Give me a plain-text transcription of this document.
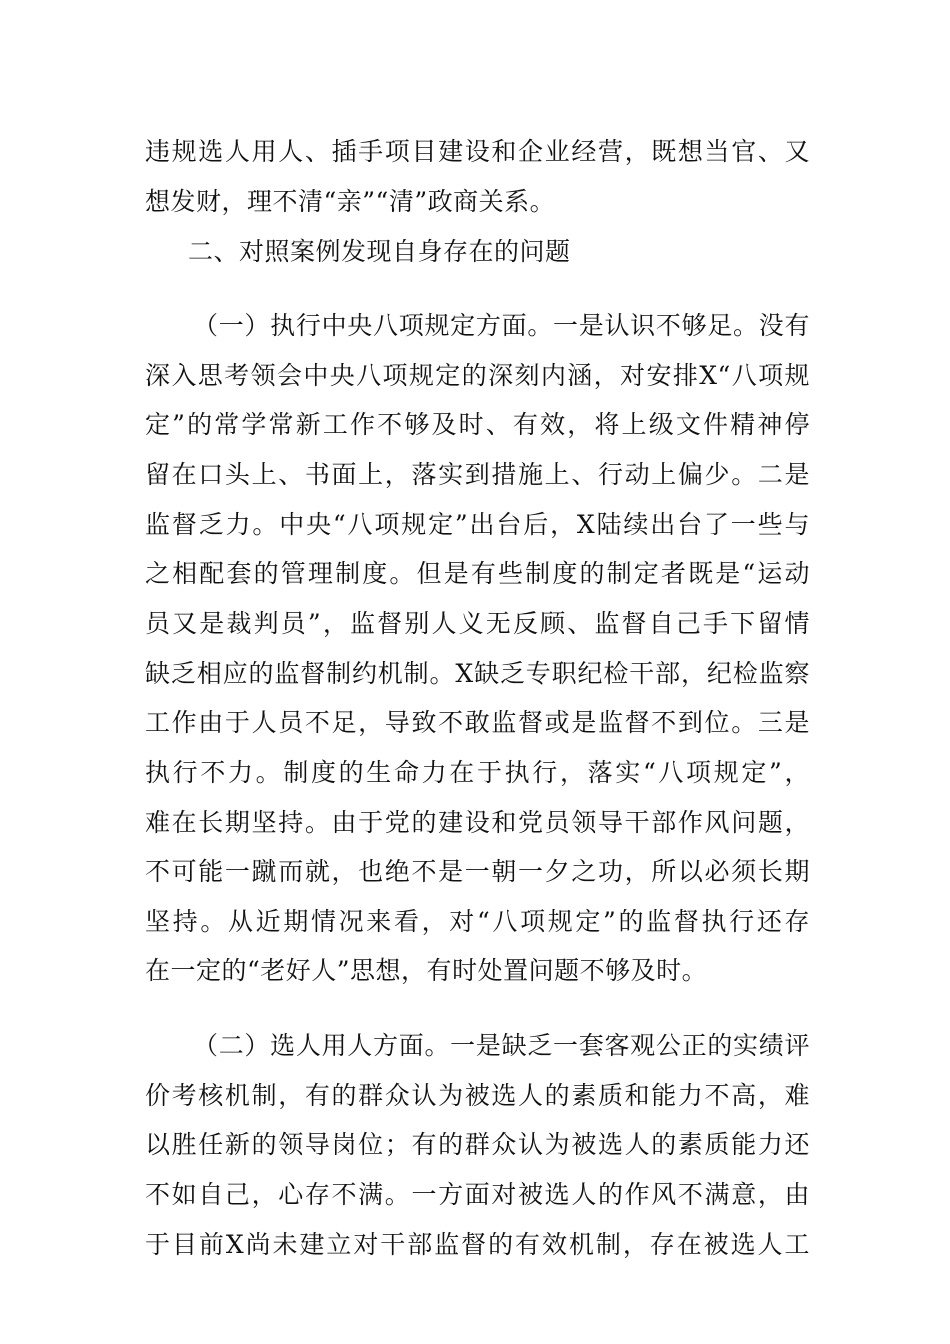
违规选人用人、插手项目建设和企业经营，既想当官、又
想发财，理不清“亲”“清”政商关系。
二、对照案例发现自身存在的问题
（一）执行中央八项规定方面。一是认识不够足。没有
深入思考领会中央八项规定的深刻内涵，对安排X“八项规
定”的常学常新工作不够及时、有效，将上级文件精神停
留在口头上、书面上，落实到措施上、行动上偏少。二是
监督乏力。中央“八项规定”出台后，X陆续出台了一些与
之相配套的管理制度。但是有些制度的制定者既是“运动
员又是裁判员”，监督别人义无反顾、监督自己手下留情
缺乏相应的监督制约机制。X缺乏专职纪检干部，纪检监察
工作由于人员不足，导致不敢监督或是监督不到位。三是
执行不力。制度的生命力在于执行，落实“八项规定”，
难在长期坚持。由于党的建设和党员领导干部作风问题，
不可能一蹴而就，也绝不是一朝一夕之功，所以必须长期
坚持。从近期情况来看，对“八项规定”的监督执行还存
在一定的“老好人”思想，有时处置问题不够及时。
（二）选人用人方面。一是缺乏一套客观公正的实绩评
价考核机制，有的群众认为被选人的素质和能力不高，难
以胜任新的领导岗位；有的群众认为被选人的素质能力还
不如自己，心存不满。一方面对被选人的作风不满意，由
于目前X尚未建立对干部监督的有效机制，存在被选人工
